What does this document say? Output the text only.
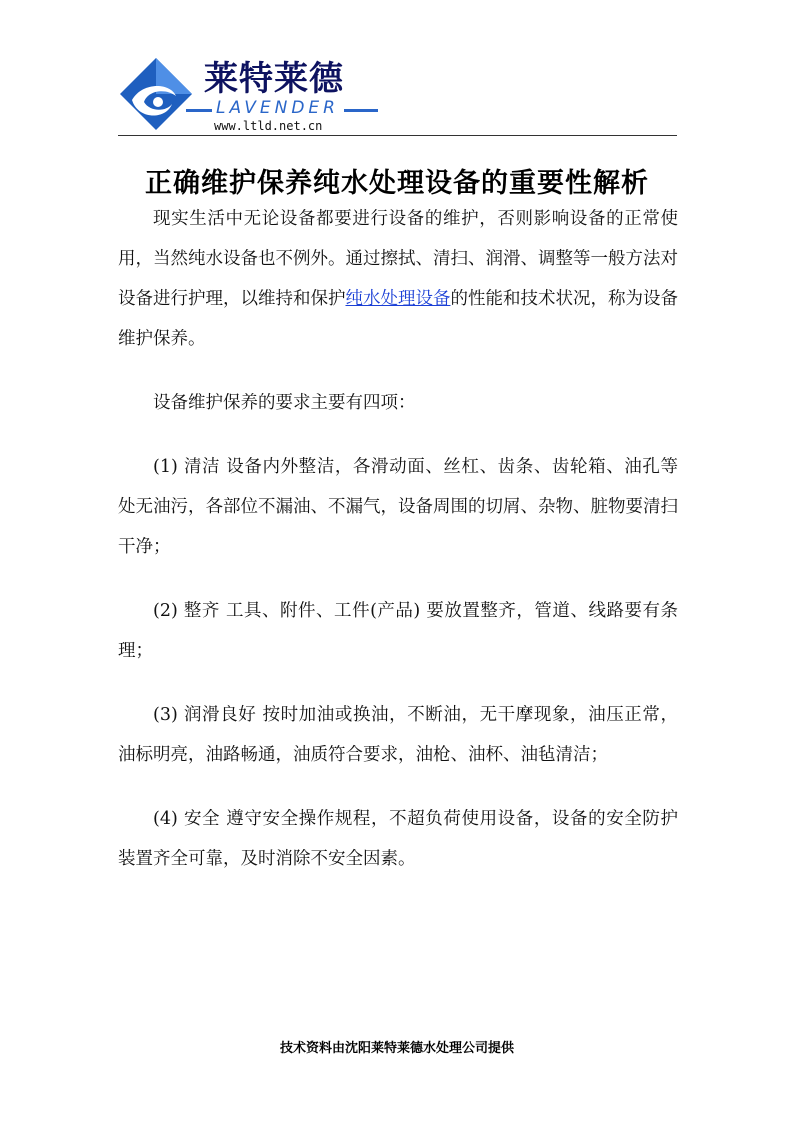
莱特莱德
LAVENDER
www.ltld.net.cn
正确维护保养纯水处理设备的重要性解析

现实生活中无论设备都要进行设备的维护，否则影响设备的正常使用，当然纯水设备也不例外。通过擦拭、清扫、润滑、调整等一般方法对设备进行护理，以维持和保护纯水处理设备的性能和技术状况，称为设备维护保养。

设备维护保养的要求主要有四项：

(1) 清洁 设备内外整洁，各滑动面、丝杠、齿条、齿轮箱、油孔等处无油污，各部位不漏油、不漏气，设备周围的切屑、杂物、脏物要清扫干净；

(2) 整齐 工具、附件、工件(产品) 要放置整齐，管道、线路要有条理；

(3) 润滑良好 按时加油或换油，不断油，无干摩现象，油压正常，油标明亮，油路畅通，油质符合要求，油枪、油杯、油毡清洁；

(4) 安全 遵守安全操作规程，不超负荷使用设备，设备的安全防护装置齐全可靠，及时消除不安全因素。

技术资料由沈阳莱特莱德水处理公司提供
